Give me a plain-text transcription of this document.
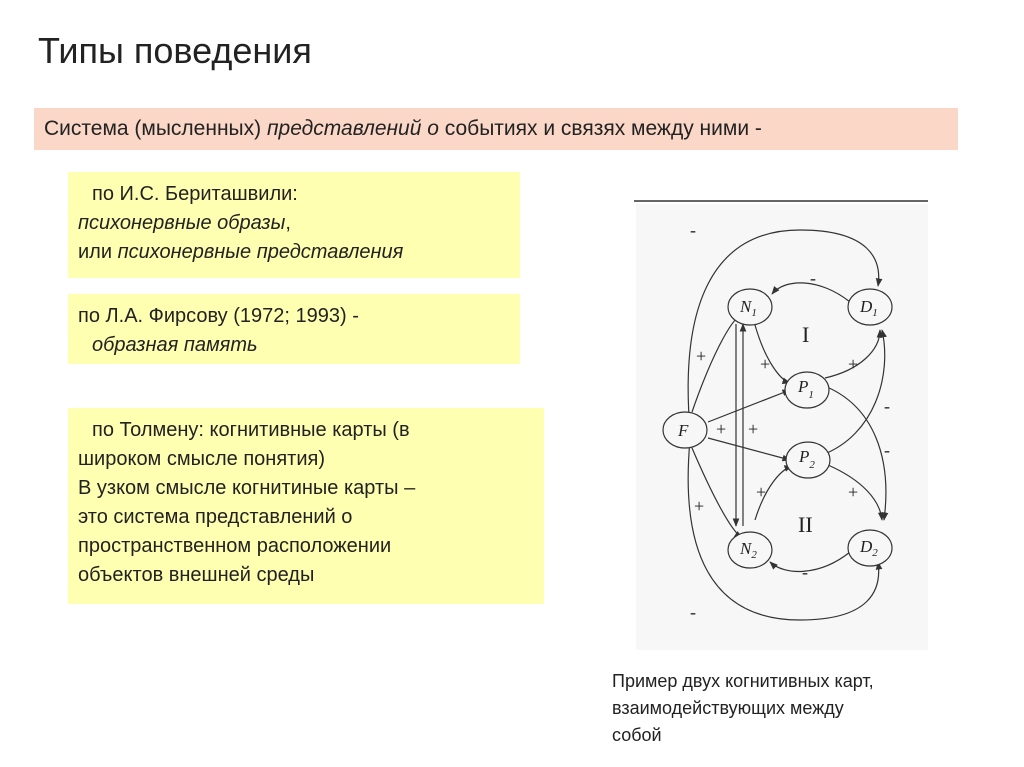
Типы поведения
Система (мысленных) представлений о событиях и связях между ними -
по И.С. Бериташвили:
психонервные образы,
или психонервные представления
по Л.А. Фирсову (1972; 1993) -
образная память
по Толмену: когнитивные карты (в
широком смысле понятия)
В узком смысле когнитиные карты –
это система представлений о
пространственном расположении
объектов внешней среды
$N_1$	$D_1$
$P_1$
F
$P_2$
$N_2$	$D_2$
I
II
-
-
-
-
-
-
+	+	+
+ +
+	+
+
Пример двух когнитивных карт,
взаимодействующих между
собой
